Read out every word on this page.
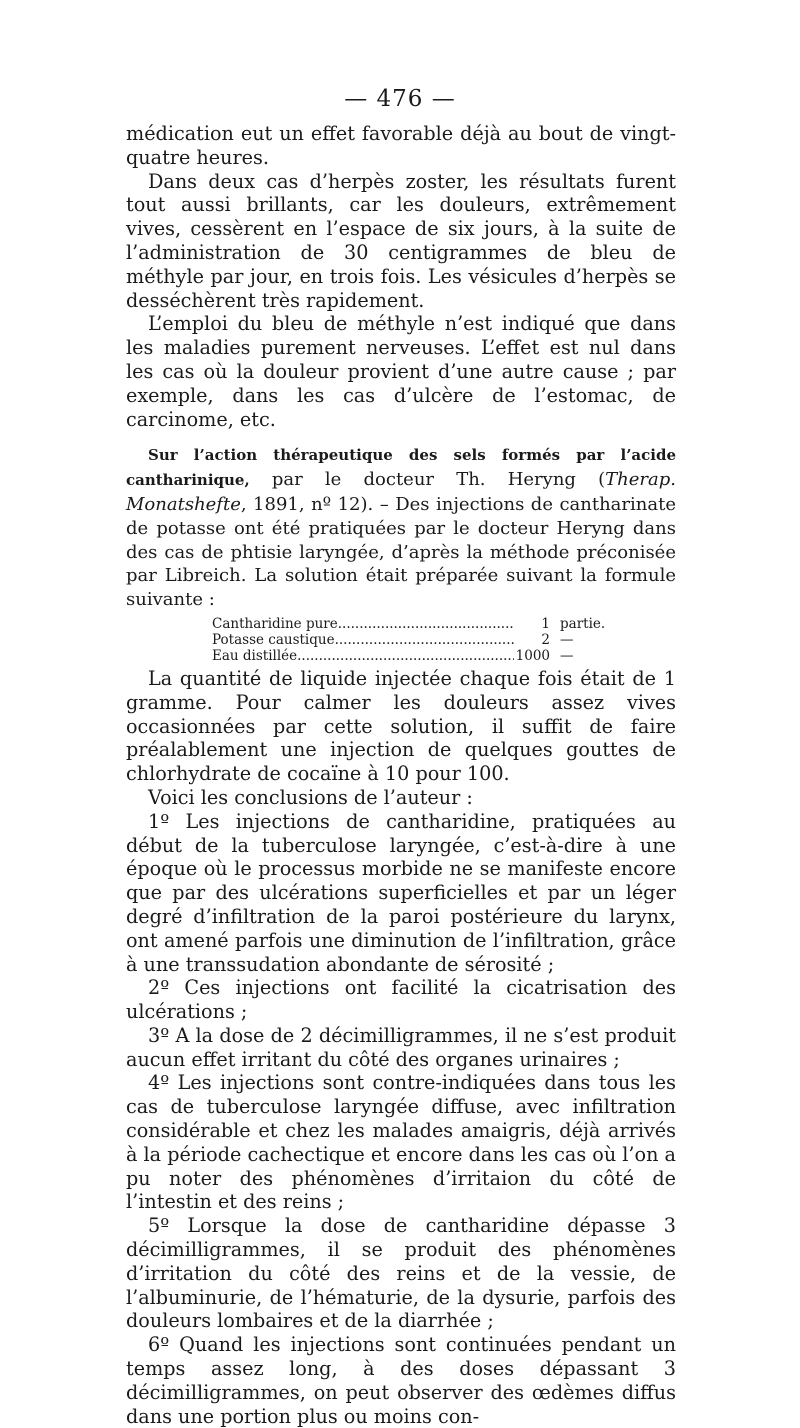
— 476 —

médication eut un effet favorable déjà au bout de vingt-quatre heures.

Dans deux cas d’herpès zoster, les résultats furent tout aussi brillants, car les douleurs, extrêmement vives, cessèrent en l’espace de six jours, à la suite de l’administration de 30 centigrammes de bleu de méthyle par jour, en trois fois. Les vésicules d’herpès se desséchèrent très rapidement.

L’emploi du bleu de méthyle n’est indiqué que dans les maladies purement nerveuses. L’effet est nul dans les cas où la douleur provient d’une autre cause ; par exemple, dans les cas d’ulcère de l’estomac, de carcinome, etc.

Sur l’action thérapeutique des sels formés par l’acide cantharinique, par le docteur Th. Heryng (Therap. Monatshefte, 1891, nº 12). – Des injections de cantharinate de potasse ont été pratiquées par le docteur Heryng dans des cas de phtisie laryngée, d’après la méthode préconisée par Libreich. La solution était préparée suivant la formule suivante :

Cantharidine pure .....	1 partie.
Potasse caustique .....	2 —
Eau distillée .....	1000 —

La quantité de liquide injectée chaque fois était de 1 gramme. Pour calmer les douleurs assez vives occasionnées par cette solution, il suffit de faire préalablement une injection de quelques gouttes de chlorhydrate de cocaïne à 10 pour 100.

Voici les conclusions de l’auteur :

1º Les injections de cantharidine, pratiquées au début de la tuberculose laryngée, c’est-à-dire à une époque où le processus morbide ne se manifeste encore que par des ulcérations superficielles et par un léger degré d’infiltration de la paroi postérieure du larynx, ont amené parfois une diminution de l’infiltration, grâce à une transsudation abondante de sérosité ;

2º Ces injections ont facilité la cicatrisation des ulcérations ;

3º A la dose de 2 décimilligrammes, il ne s’est produit aucun effet irritant du côté des organes urinaires ;

4º Les injections sont contre-indiquées dans tous les cas de tuberculose laryngée diffuse, avec infiltration considérable et chez les malades amaigris, déjà arrivés à la période cachectique et encore dans les cas où l’on a pu noter des phénomènes d’irritaion du côté de l’intestin et des reins ;

5º Lorsque la dose de cantharidine dépasse 3 décimilligrammes, il se produit des phénomènes d’irritation du côté des reins et de la vessie, de l’albuminurie, de l’hématurie, de la dysurie, parfois des douleurs lombaires et de la diarrhée ;

6º Quand les injections sont continuées pendant un temps assez long, à des doses dépassant 3 décimilligrammes, on peut observer des œdèmes diffus dans une portion plus ou moins con-
